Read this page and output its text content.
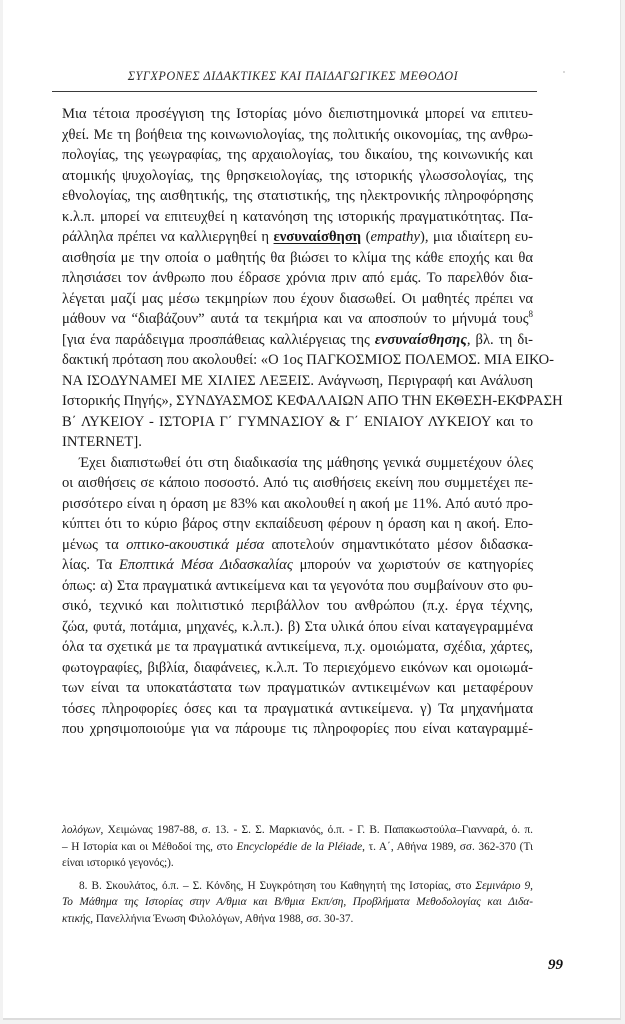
ΣΥΓΧΡΟΝΕΣ ΔΙΔΑΚΤΙΚΕΣ ΚΑΙ ΠΑΙΔΑΓΩΓΙΚΕΣ ΜΕΘΟΔΟΙ
Μια τέτοια προσέγγιση της Ιστορίας μόνο διεπιστημονικά μπορεί να επιτευ-
χθεί. Με τη βοήθεια της κοινωνιολογίας, της πολιτικής οικονομίας, της ανθρω-
πολογίας, της γεωγραφίας, της αρχαιολογίας, του δικαίου, της κοινωνικής και
ατομικής ψυχολογίας, της θρησκειολογίας, της ιστορικής γλωσσολογίας, της
εθνολογίας, της αισθητικής, της στατιστικής, της ηλεκτρονικής πληροφόρησης
κ.λ.π. μπορεί να επιτευχθεί η κατανόηση της ιστορικής πραγματικότητας. Πα-
ράλληλα πρέπει να καλλιεργηθεί η ενσυναίσθηση (empathy), μια ιδιαίτερη ευ-
αισθησία με την οποία ο μαθητής θα βιώσει το κλίμα της κάθε εποχής και θα
πλησιάσει τον άνθρωπο που έδρασε χρόνια πριν από εμάς. Το παρελθόν δια-
λέγεται μαζί μας μέσω τεκμηρίων που έχουν διασωθεί. Οι μαθητές πρέπει να
μάθουν να “διαβάζουν” αυτά τα τεκμήρια και να αποσπούν το μήνυμά τους$^8$
[για ένα παράδειγμα προσπάθειας καλλιέργειας της ενσυναίσθησης, βλ. τη δι-
δακτική πρόταση που ακολουθεί: «Ο 1ος ΠΑΓΚΟΣΜΙΟΣ ΠΟΛΕΜΟΣ. ΜΙΑ ΕΙΚΟ-
ΝΑ ΙΣΟΔΥΝΑΜΕΙ ΜΕ ΧΙΛΙΕΣ ΛΕΞΕΙΣ. Ανάγνωση, Περιγραφή και Ανάλυση
Ιστορικής Πηγής», ΣΥΝΔΥΑΣΜΟΣ ΚΕΦΑΛΑΙΩΝ ΑΠΟ ΤΗΝ ΕΚΘΕΣΗ-ΕΚΦΡΑΣΗ
Β΄ ΛΥΚΕΙΟΥ - ΙΣΤΟΡΙΑ Γ΄ ΓΥΜΝΑΣΙΟΥ & Γ΄ ΕΝΙΑΙΟΥ ΛΥΚΕΙΟΥ και το
INTERNET].
Έχει διαπιστωθεί ότι στη διαδικασία της μάθησης γενικά συμμετέχουν όλες
οι αισθήσεις σε κάποιο ποσοστό. Από τις αισθήσεις εκείνη που συμμετέχει πε-
ρισσότερο είναι η όραση με 83% και ακολουθεί η ακοή με 11%. Από αυτό προ-
κύπτει ότι το κύριο βάρος στην εκπαίδευση φέρουν η όραση και η ακοή. Επο-
μένως τα οπτικο-ακουστικά μέσα αποτελούν σημαντικότατο μέσον διδασκα-
λίας. Τα Εποπτικά Μέσα Διδασκαλίας μπορούν να χωριστούν σε κατηγορίες
όπως: α) Στα πραγματικά αντικείμενα και τα γεγονότα που συμβαίνουν στο φυ-
σικό, τεχνικό και πολιτιστικό περιβάλλον του ανθρώπου (π.χ. έργα τέχνης,
ζώα, φυτά, ποτάμια, μηχανές, κ.λ.π.). β) Στα υλικά όπου είναι καταγεγραμμένα
όλα τα σχετικά με τα πραγματικά αντικείμενα, π.χ. ομοιώματα, σχέδια, χάρτες,
φωτογραφίες, βιβλία, διαφάνειες, κ.λ.π. Το περιεχόμενο εικόνων και ομοιωμά-
των είναι τα υποκατάστατα των πραγματικών αντικειμένων και μεταφέρουν
τόσες πληροφορίες όσες και τα πραγματικά αντικείμενα. γ) Τα μηχανήματα
που χρησιμοποιούμε για να πάρουμε τις πληροφορίες που είναι καταγραμμέ-
λολόγων, Χειμώνας 1987-88, σ. 13. - Σ. Σ. Μαρκιανός, ό.π. - Γ. Β. Παπακωστούλα–Γιανναρά, ό. π.
– Η Ιστορία και οι Μέθοδοί της, στο Encyclopédie de la Pléiade, τ. Α΄, Αθήνα 1989, σσ. 362-370 (Τι
είναι ιστορικό γεγονός;).
8. Β. Σκουλάτος, ό.π. – Σ. Κόνδης, Η Συγκρότηση του Καθηγητή της Ιστορίας, στο Σεμινάριο 9,
Το Μάθημα της Ιστορίας στην Α/θμια και Β/θμια Εκπ/ση, Προβλήματα Μεθοδολογίας και Διδα-
κτικής, Πανελλήνια Ένωση Φιλολόγων, Αθήνα 1988, σσ. 30-37.
99
